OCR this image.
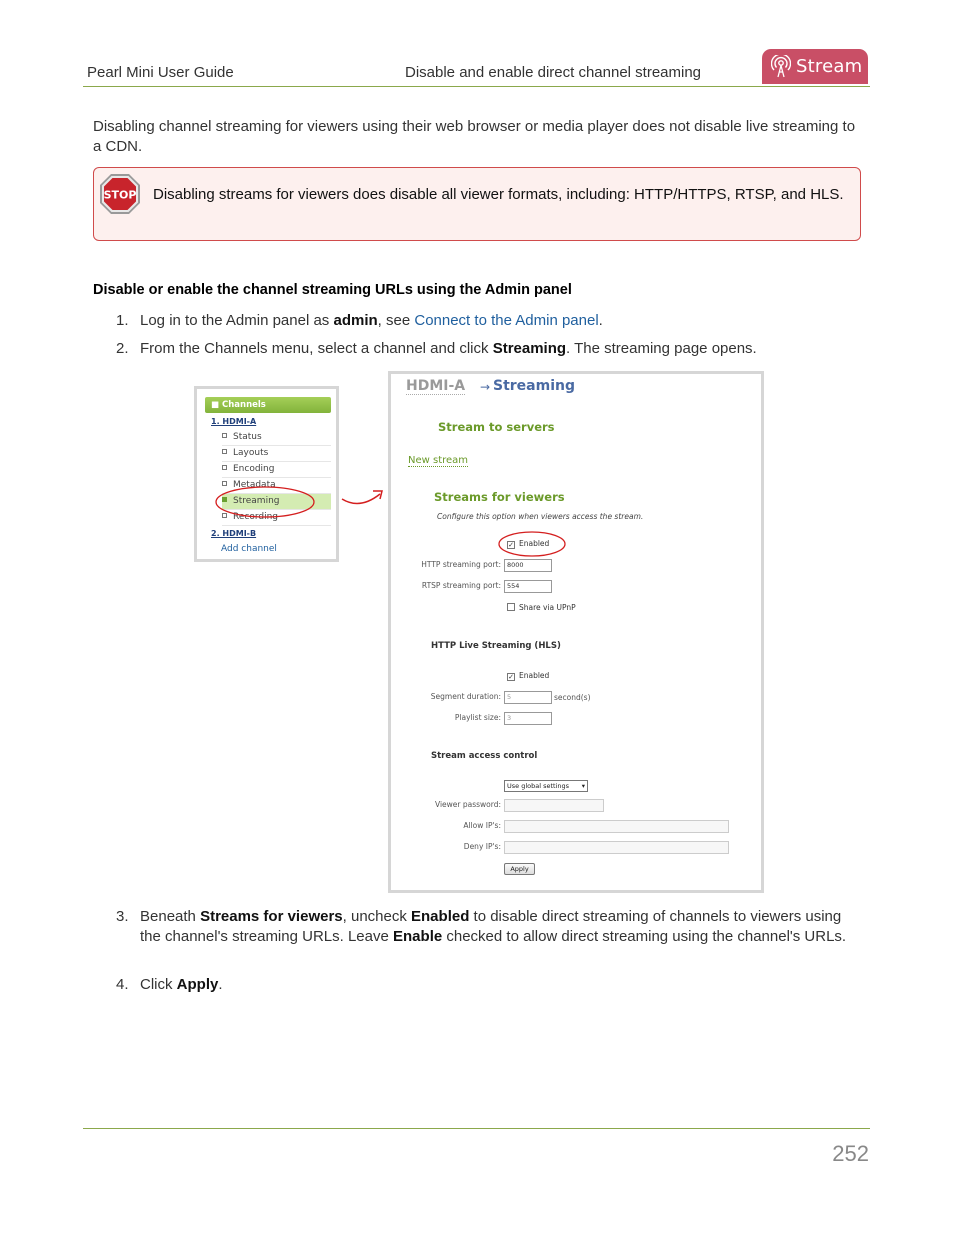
Pearl Mini User Guide	Disable and enable direct channel streaming	Stream

Disabling channel streaming for viewers using their web browser or media player does not disable live streaming to a CDN.

STOP Disabling streams for viewers does disable all viewer formats, including: HTTP/HTTPS, RTSP, and HLS.
Disable or enable the channel streaming URLs using the Admin panel
1. Log in to the Admin panel as admin, see Connect to the Admin panel.
2. From the Channels menu, select a channel and click Streaming. The streaming page opens.
■ Channels
1. HDMI-A
Status
Layouts
Encoding
Metadata
Streaming
Recording
2. HDMI-B
Add channel
HDMI-A → Streaming
Stream to servers
New stream
Streams for viewers
Configure this option when viewers access the stream.
✓ Enabled
HTTP streaming port: 8000
RTSP streaming port: 554
Share via UPnP
HTTP Live Streaming (HLS)
✓ Enabled
Segment duration: 5	second(s)
Playlist size: 3
Stream access control
Use global settings ▾
Viewer password:
Allow IP's:
Deny IP's:
Apply
3. Beneath Streams for viewers, uncheck Enabled to disable direct streaming of channels to viewers using the channel's streaming URLs. Leave Enable checked to allow direct streaming using the channel's URLs.
4. Click Apply.
252
